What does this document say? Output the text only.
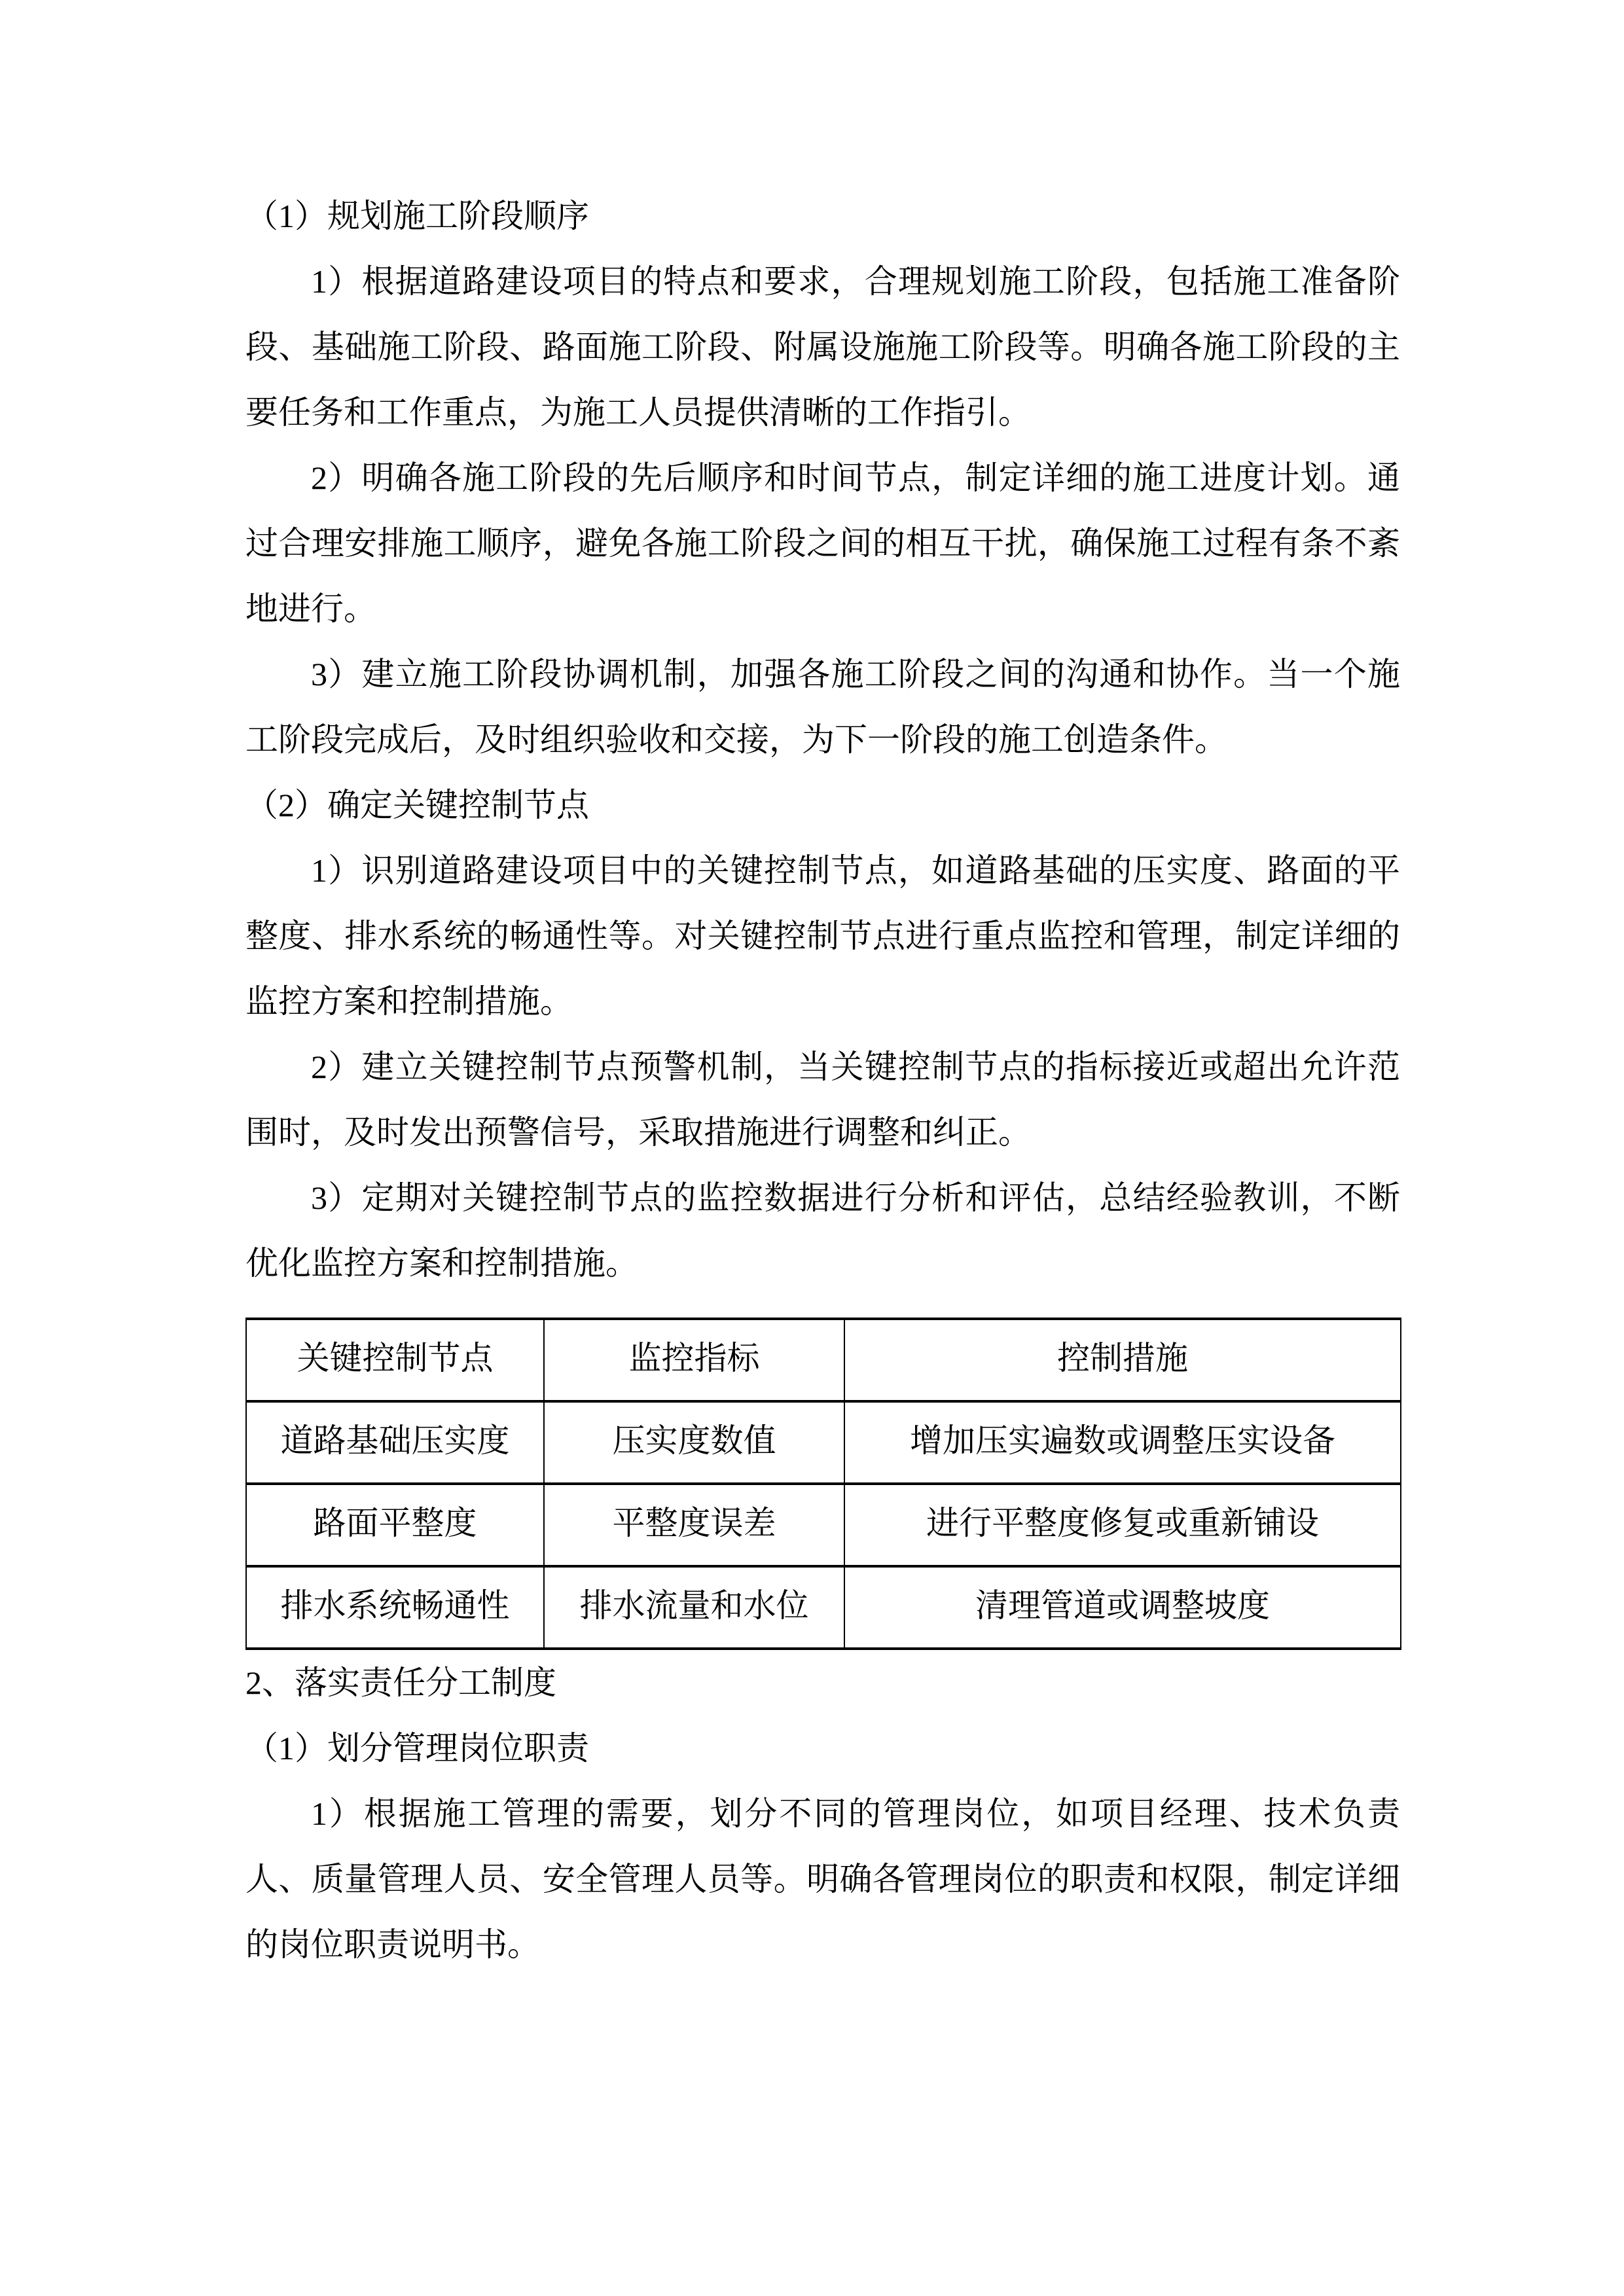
（1）规划施工阶段顺序

1）根据道路建设项目的特点和要求，合理规划施工阶段，包括施工准备阶段、基础施工阶段、路面施工阶段、附属设施施工阶段等。明确各施工阶段的主要任务和工作重点，为施工人员提供清晰的工作指引。

2）明确各施工阶段的先后顺序和时间节点，制定详细的施工进度计划。通过合理安排施工顺序，避免各施工阶段之间的相互干扰，确保施工过程有条不紊地进行。

3）建立施工阶段协调机制，加强各施工阶段之间的沟通和协作。当一个施工阶段完成后，及时组织验收和交接，为下一阶段的施工创造条件。

（2）确定关键控制节点

1）识别道路建设项目中的关键控制节点，如道路基础的压实度、路面的平整度、排水系统的畅通性等。对关键控制节点进行重点监控和管理，制定详细的监控方案和控制措施。

2）建立关键控制节点预警机制，当关键控制节点的指标接近或超出允许范围时，及时发出预警信号，采取措施进行调整和纠正。

3）定期对关键控制节点的监控数据进行分析和评估，总结经验教训，不断优化监控方案和控制措施。

关键控制节点	监控指标	控制措施
道路基础压实度	压实度数值	增加压实遍数或调整压实设备
路面平整度	平整度误差	进行平整度修复或重新铺设
排水系统畅通性	排水流量和水位	清理管道或调整坡度

2、落实责任分工制度

（1）划分管理岗位职责

1）根据施工管理的需要，划分不同的管理岗位，如项目经理、技术负责人、质量管理人员、安全管理人员等。明确各管理岗位的职责和权限，制定详细的岗位职责说明书。
